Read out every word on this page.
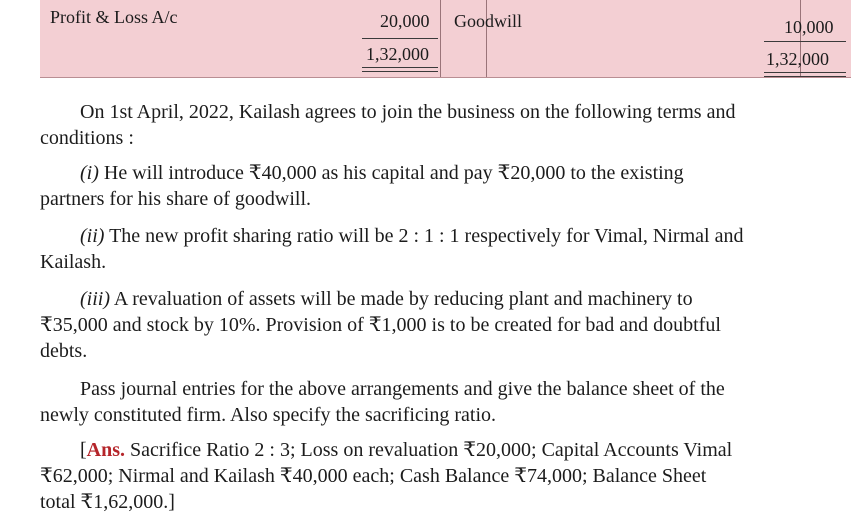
Profit & Loss A/c	20,000
1,32,000
Goodwill	10,000
1,32,000
On 1st April, 2022, Kailash agrees to join the business on the following terms and
conditions :
(i) He will introduce ₹40,000 as his capital and pay ₹20,000 to the existing
partners for his share of goodwill.
(ii) The new profit sharing ratio will be 2 : 1 : 1 respectively for Vimal, Nirmal and
Kailash.
(iii) A revaluation of assets will be made by reducing plant and machinery to
₹35,000 and stock by 10%. Provision of ₹1,000 is to be created for bad and doubtful
debts.
Pass journal entries for the above arrangements and give the balance sheet of the
newly constituted firm. Also specify the sacrificing ratio.
[Ans. Sacrifice Ratio 2 : 3; Loss on revaluation ₹20,000; Capital Accounts Vimal
₹62,000; Nirmal and Kailash ₹40,000 each; Cash Balance ₹74,000; Balance Sheet
total ₹1,62,000.]
